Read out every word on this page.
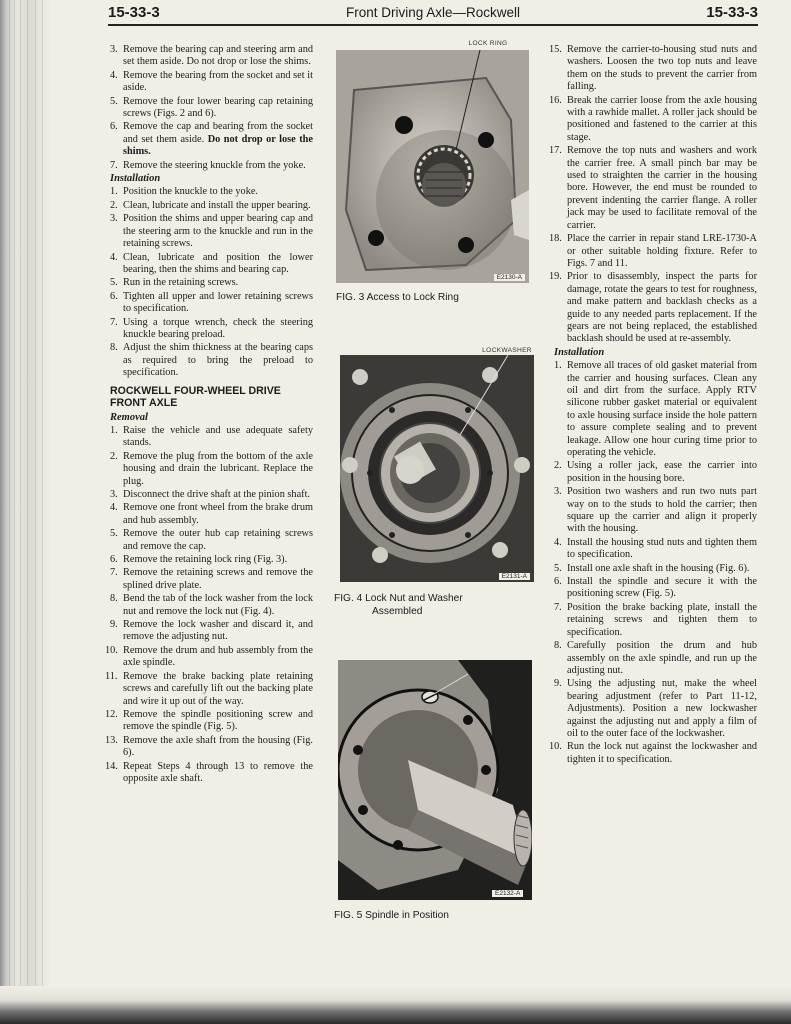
15-33-3	Front Driving Axle—Rockwell	15-33-3
3. Remove the bearing cap and steering arm and set them aside. Do not drop or lose the shims.
4. Remove the bearing from the socket and set it aside.
5. Remove the four lower bearing cap retaining screws (Figs. 2 and 6).
6. Remove the cap and bearing from the socket and set them aside. Do not drop or lose the shims.
7. Remove the steering knuckle from the yoke.
Installation
1. Position the knuckle to the yoke.
2. Clean, lubricate and install the upper bearing.
3. Position the shims and upper bearing cap and the steering arm to the knuckle and run in the retaining screws.
4. Clean, lubricate and position the lower bearing, then the shims and bearing cap.
5. Run in the retaining screws.
6. Tighten all upper and lower retaining screws to specification.
7. Using a torque wrench, check the steering knuckle bearing preload.
8. Adjust the shim thickness at the bearing caps as required to bring the preload to specification.
ROCKWELL FOUR-WHEEL DRIVE FRONT AXLE
Removal
1. Raise the vehicle and use adequate safety stands.
2. Remove the plug from the bottom of the axle housing and drain the lubricant. Replace the plug.
3. Disconnect the drive shaft at the pinion shaft.
4. Remove one front wheel from the brake drum and hub assembly.
5. Remove the outer hub cap retaining screws and remove the cap.
6. Remove the retaining lock ring (Fig. 3).
7. Remove the retaining screws and remove the splined drive plate.
8. Bend the tab of the lock washer from the lock nut and remove the lock nut (Fig. 4).
9. Remove the lock washer and discard it, and remove the adjusting nut.
10. Remove the drum and hub assembly from the axle spindle.
11. Remove the brake backing plate retaining screws and carefully lift out the backing plate and wire it up out of the way.
12. Remove the spindle positioning screw and remove the spindle (Fig. 5).
13. Remove the axle shaft from the housing (Fig. 6).
14. Repeat Steps 4 through 13 to remove the opposite axle shaft.
LOCK RING
E2130-A
FIG. 3 Access to Lock Ring
LOCKWASHER
E2131-A
FIG. 4 Lock Nut and Washer
Assembled
E2132-A
FIG. 5 Spindle in Position
15. Remove the carrier-to-housing stud nuts and washers. Loosen the two top nuts and leave them on the studs to prevent the carrier from falling.
16. Break the carrier loose from the axle housing with a rawhide mallet. A roller jack should be positioned and fastened to the carrier at this stage.
17. Remove the top nuts and washers and work the carrier free. A small pinch bar may be used to straighten the carrier in the housing bore. However, the end must be rounded to prevent indenting the carrier flange. A roller jack may be used to facilitate removal of the carrier.
18. Place the carrier in repair stand LRE-1730-A or other suitable holding fixture. Refer to Figs. 7 and 11.
19. Prior to disassembly, inspect the parts for damage, rotate the gears to test for roughness, and make pattern and backlash checks as a guide to any needed parts replacement. If the gears are not being replaced, the established backlash should be used at re-assembly.
Installation
1. Remove all traces of old gasket material from the carrier and housing surfaces. Clean any oil and dirt from the surface. Apply RTV silicone rubber gasket material or equivalent to axle housing surface inside the hole pattern to assure complete sealing and to prevent leakage. Allow one hour curing time prior to operating the vehicle.
2. Using a roller jack, ease the carrier into position in the housing bore.
3. Position two washers and run two nuts part way on to the studs to hold the carrier; then square up the carrier and align it properly with the housing.
4. Install the housing stud nuts and tighten them to specification.
5. Install one axle shaft in the housing (Fig. 6).
6. Install the spindle and secure it with the positioning screw (Fig. 5).
7. Position the brake backing plate, install the retaining screws and tighten them to specification.
8. Carefully position the drum and hub assembly on the axle spindle, and run up the adjusting nut.
9. Using the adjusting nut, make the wheel bearing adjustment (refer to Part 11-12, Adjustments). Position a new lockwasher against the adjusting nut and apply a film of oil to the outer face of the lockwasher.
10. Run the lock nut against the lockwasher and tighten it to specification.
